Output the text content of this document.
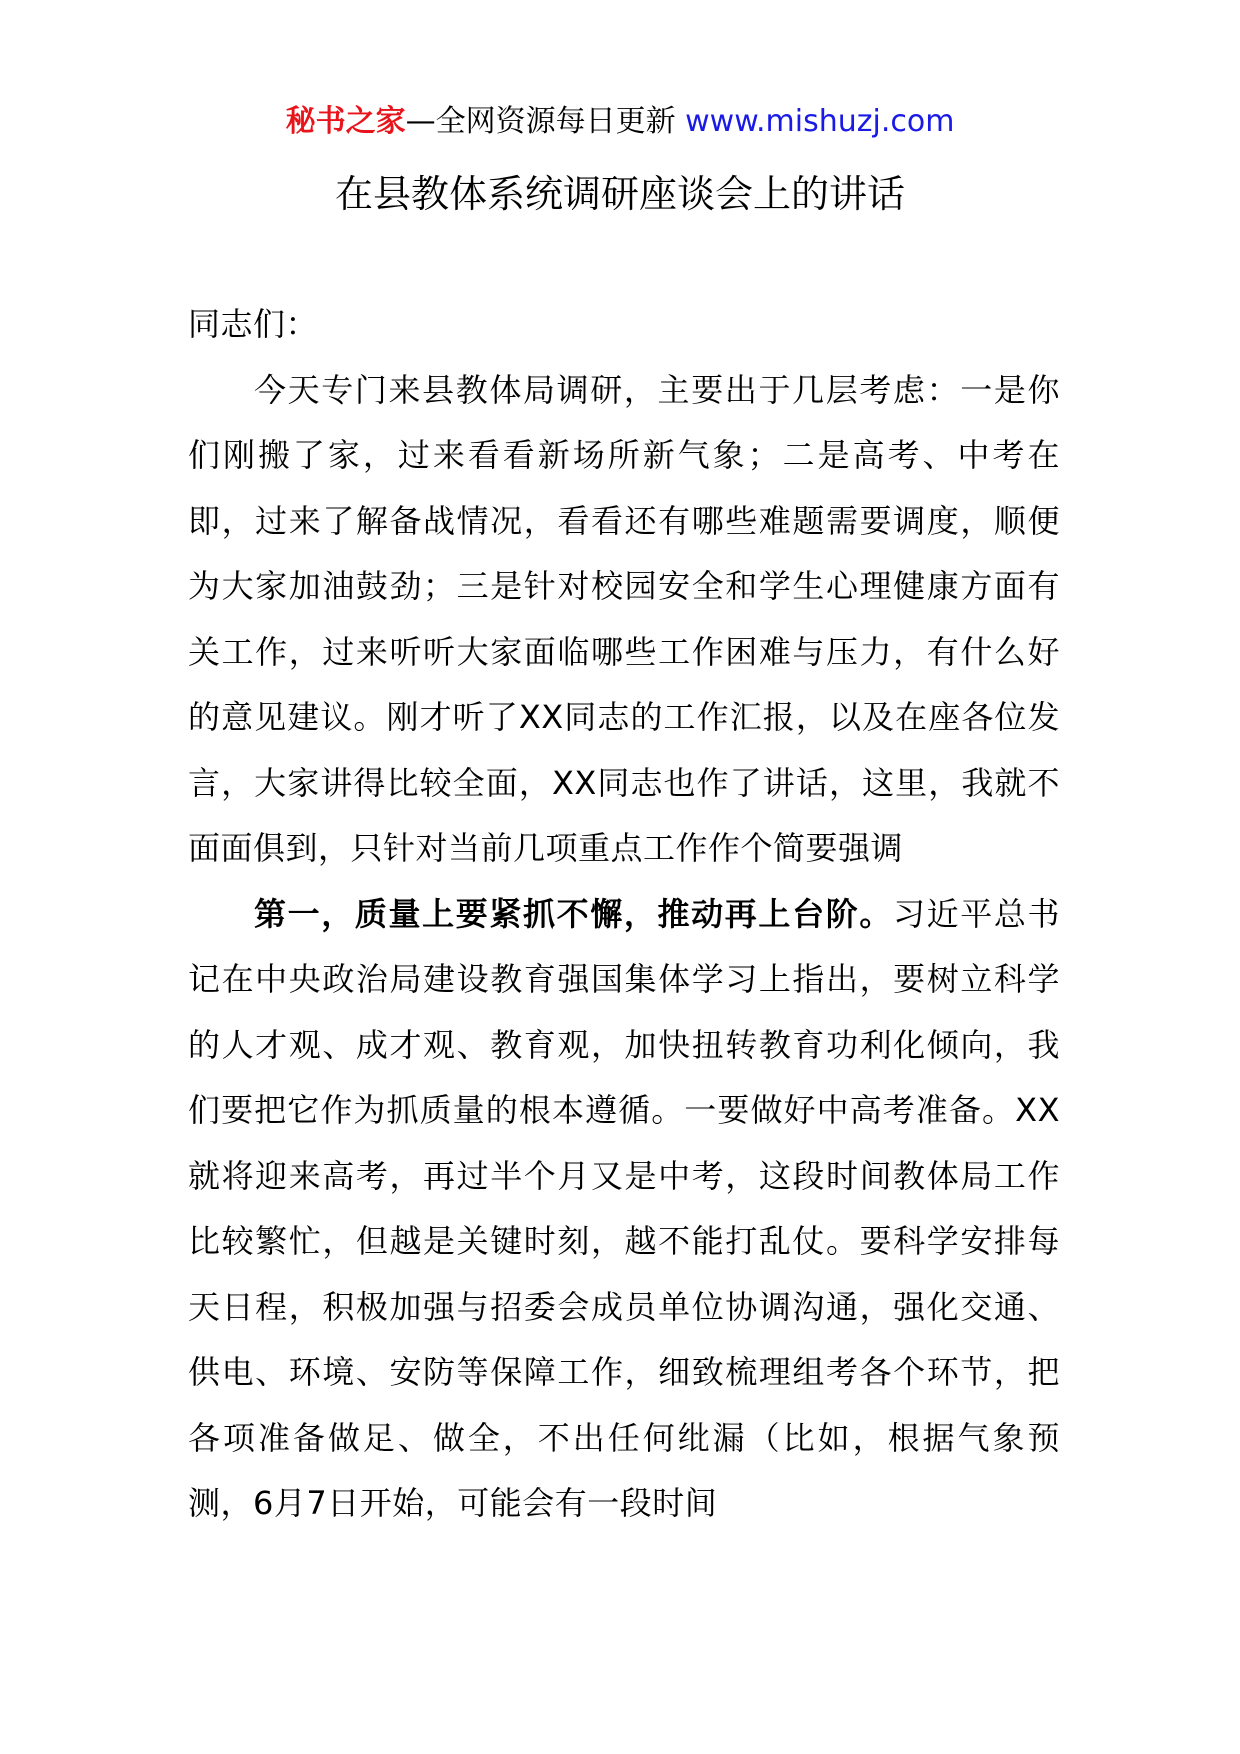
秘书之家—全网资源每日更新 www.mishuzj.com
在县教体系统调研座谈会上的讲话

同志们：

今天专门来县教体局调研，主要出于几层考虑：一是你们刚搬了家，过来看看新场所新气象；二是高考、中考在即，过来了解备战情况，看看还有哪些难题需要调度，顺便为大家加油鼓劲；三是针对校园安全和学生心理健康方面有关工作，过来听听大家面临哪些工作困难与压力，有什么好的意见建议。刚才听了XX同志的工作汇报，以及在座各位发言，大家讲得比较全面，XX同志也作了讲话，这里，我就不面面俱到，只针对当前几项重点工作作个简要强调

第一，质量上要紧抓不懈，推动再上台阶。习近平总书记在中央政治局建设教育强国集体学习上指出，要树立科学的人才观、成才观、教育观，加快扭转教育功利化倾向，我们要把它作为抓质量的根本遵循。一要做好中高考准备。XX就将迎来高考，再过半个月又是中考，这段时间教体局工作比较繁忙，但越是关键时刻，越不能打乱仗。要科学安排每天日程，积极加强与招委会成员单位协调沟通，强化交通、供电、环境、安防等保障工作，细致梳理组考各个环节，把各项准备做足、做全，不出任何纰漏（比如，根据气象预测，6月7日开始，可能会有一段时间
